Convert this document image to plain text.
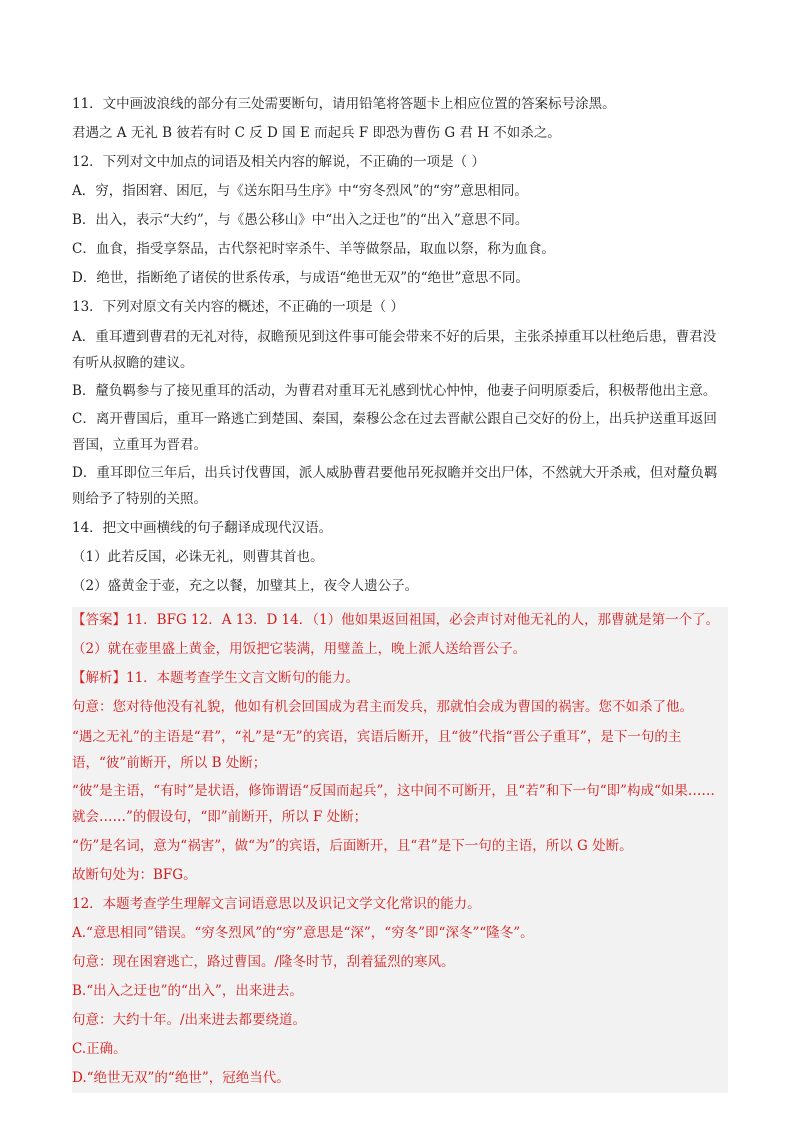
11．文中画波浪线的部分有三处需要断句，请用铅笔将答题卡上相应位置的答案标号涂黑。

君遇之 A 无礼 B 彼若有时 C 反 D 国 E 而起兵 F 即恐为曹伤 G 君 H 不如杀之。

12．下列对文中加点的词语及相关内容的解说，不正确的一项是（ ）

A．穷，指困窘、困厄，与《送东阳马生序》中“穷冬烈风”的“穷”意思相同。

B．出入，表示“大约”，与《愚公移山》中“出入之迂也”的“出入”意思不同。

C．血食，指受享祭品，古代祭祀时宰杀牛、羊等做祭品，取血以祭，称为血食。

D．绝世，指断绝了诸侯的世系传承，与成语“绝世无双”的“绝世”意思不同。

13．下列对原文有关内容的概述，不正确的一项是（ ）

A．重耳遭到曹君的无礼对待，叔瞻预见到这件事可能会带来不好的后果，主张杀掉重耳以杜绝后患，曹君没有听从叔瞻的建议。

B．釐负羁参与了接见重耳的活动，为曹君对重耳无礼感到忧心忡忡，他妻子问明原委后，积极帮他出主意。

C．离开曹国后，重耳一路逃亡到楚国、秦国，秦穆公念在过去晋献公跟自己交好的份上，出兵护送重耳返回晋国，立重耳为晋君。

D．重耳即位三年后，出兵讨伐曹国，派人威胁曹君要他吊死叔瞻并交出尸体，不然就大开杀戒，但对釐负羁则给予了特别的关照。

14．把文中画横线的句子翻译成现代汉语。

（1）此若反国，必诛无礼，则曹其首也。

（2）盛黄金于壶，充之以餐，加璧其上，夜令人遗公子。

【答案】11．BFG 12．A 13．D 14．（1）他如果返回祖国，必会声讨对他无礼的人，那曹就是第一个了。

（2）就在壶里盛上黄金，用饭把它装满，用璧盖上，晚上派人送给晋公子。

【解析】11．本题考查学生文言文断句的能力。

句意：您对待他没有礼貌，他如有机会回国成为君主而发兵，那就怕会成为曹国的祸害。您不如杀了他。

“遇之无礼”的主语是“君”，“礼”是“无”的宾语，宾语后断开，且“彼”代指“晋公子重耳”，是下一句的主语，“彼”前断开，所以 B 处断；

“彼”是主语，“有时”是状语，修饰谓语“反国而起兵”，这中间不可断开，且“若”和下一句“即”构成“如果……就会……”的假设句，“即”前断开，所以 F 处断；

“伤”是名词，意为“祸害”，做“为”的宾语，后面断开，且“君”是下一句的主语，所以 G 处断。

故断句处为：BFG。

12．本题考查学生理解文言词语意思以及识记文学文化常识的能力。

A.“意思相同”错误。“穷冬烈风”的“穷”意思是“深”，“穷冬”即“深冬”“隆冬”。

句意：现在困窘逃亡，路过曹国。/隆冬时节，刮着猛烈的寒风。

B.“出入之迂也”的“出入”，出来进去。

句意：大约十年。/出来进去都要绕道。

C.正确。

D.“绝世无双”的“绝世”，冠绝当代。
